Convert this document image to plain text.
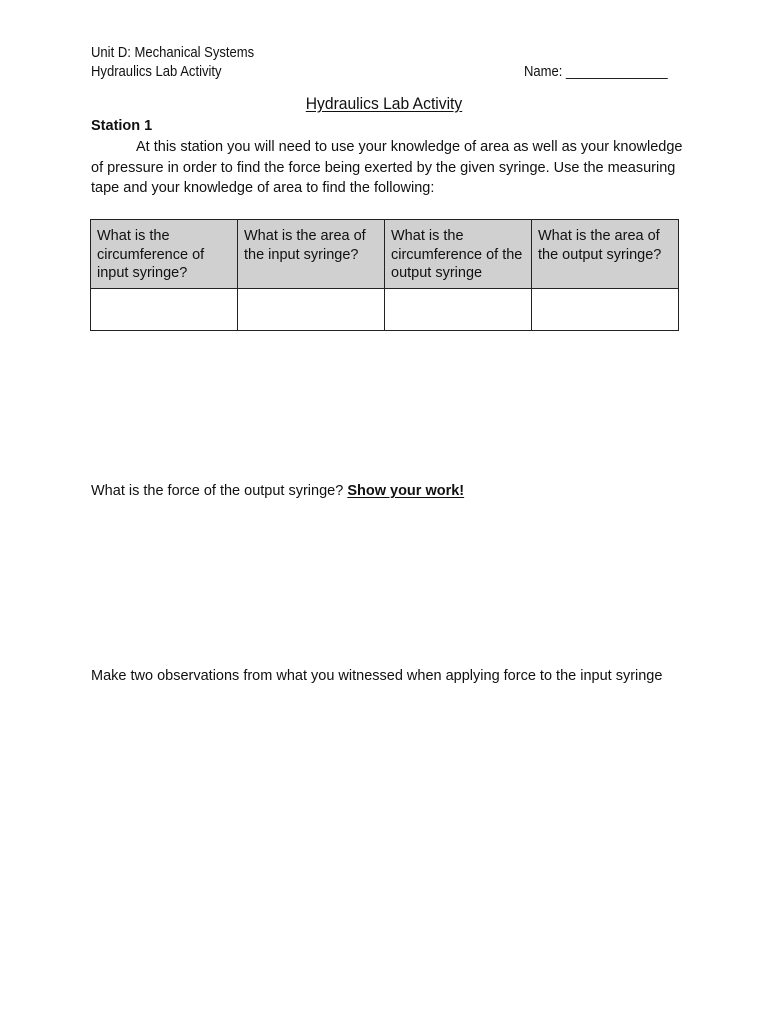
Unit D: Mechanical Systems
Hydraulics Lab Activity	Name: ______________
Hydraulics Lab Activity
Station 1
At this station you will need to use your knowledge of area as well as your knowledge of pressure in order to find the force being exerted by the given syringe. Use the measuring tape and your knowledge of area to find the following:
What is the circumference of input syringe?	What is the area of the input syringe?	What is the circumference of the output syringe	What is the area of the output syringe?

What is the force of the output syringe? Show your work!
Make two observations from what you witnessed when applying force to the input syringe
